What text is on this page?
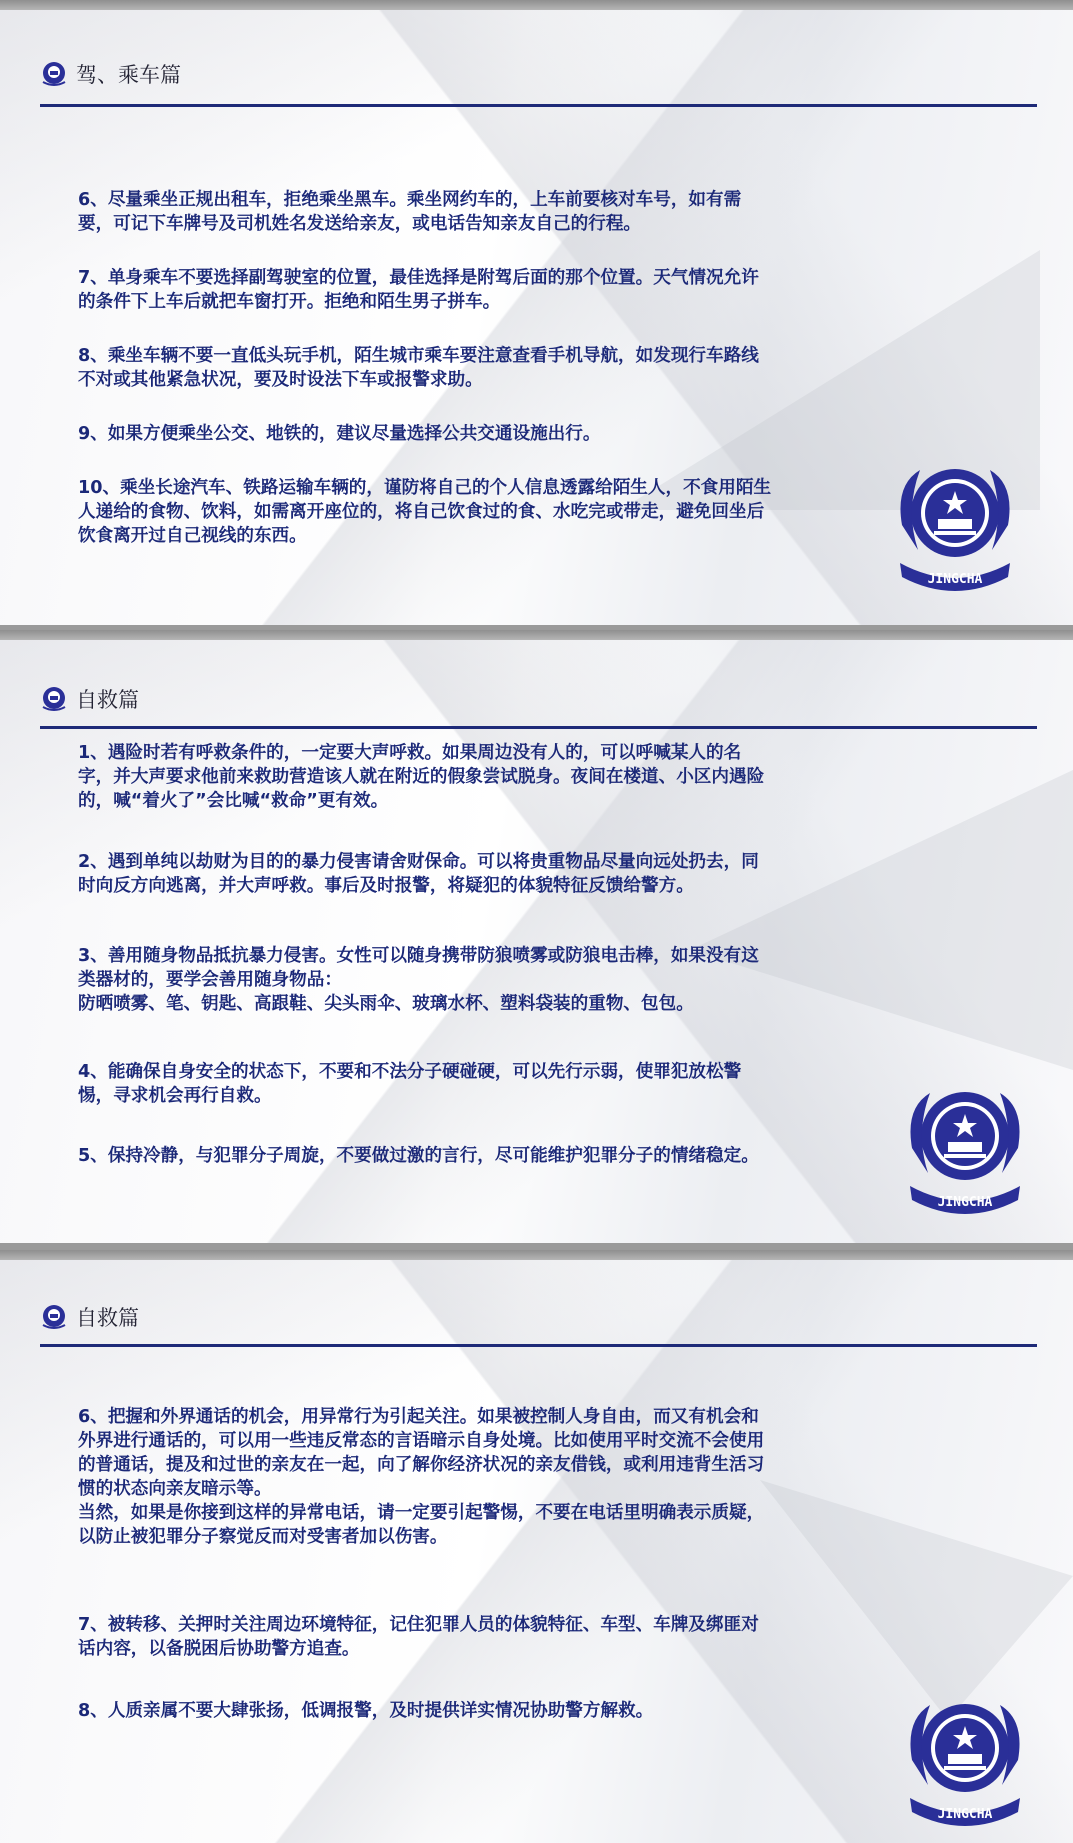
驾、乘车篇

6、尽量乘坐正规出租车，拒绝乘坐黑车。乘坐网约车的，上车前要核对车号，如有需
要，可记下车牌号及司机姓名发送给亲友，或电话告知亲友自己的行程。

7、单身乘车不要选择副驾驶室的位置，最佳选择是附驾后面的那个位置。天气情况允许
的条件下上车后就把车窗打开。拒绝和陌生男子拼车。

8、乘坐车辆不要一直低头玩手机，陌生城市乘车要注意查看手机导航，如发现行车路线
不对或其他紧急状况，要及时设法下车或报警求助。

9、如果方便乘坐公交、地铁的，建议尽量选择公共交通设施出行。

10、乘坐长途汽车、铁路运输车辆的，谨防将自己的个人信息透露给陌生人，不食用陌生
人递给的食物、饮料，如需离开座位的，将自己饮食过的食、水吃完或带走，避免回坐后
饮食离开过自己视线的东西。

JINGCHA
自救篇

1、遇险时若有呼救条件的，一定要大声呼救。如果周边没有人的，可以呼喊某人的名
字，并大声要求他前来救助营造该人就在附近的假象尝试脱身。夜间在楼道、小区内遇险
的，喊“着火了”会比喊“救命”更有效。

2、遇到单纯以劫财为目的的暴力侵害请舍财保命。可以将贵重物品尽量向远处扔去，同
时向反方向逃离，并大声呼救。事后及时报警，将疑犯的体貌特征反馈给警方。

3、善用随身物品抵抗暴力侵害。女性可以随身携带防狼喷雾或防狼电击棒，如果没有这
类器材的，要学会善用随身物品：
防晒喷雾、笔、钥匙、高跟鞋、尖头雨伞、玻璃水杯、塑料袋装的重物、包包。

4、能确保自身安全的状态下，不要和不法分子硬碰硬，可以先行示弱，使罪犯放松警
惕，寻求机会再行自救。

5、保持冷静，与犯罪分子周旋，不要做过激的言行，尽可能维护犯罪分子的情绪稳定。

JINGCHA
自救篇

6、把握和外界通话的机会，用异常行为引起关注。如果被控制人身自由，而又有机会和
外界进行通话的，可以用一些违反常态的言语暗示自身处境。比如使用平时交流不会使用
的普通话，提及和过世的亲友在一起，向了解你经济状况的亲友借钱，或利用违背生活习
惯的状态向亲友暗示等。
当然，如果是你接到这样的异常电话，请一定要引起警惕，不要在电话里明确表示质疑，
以防止被犯罪分子察觉反而对受害者加以伤害。

7、被转移、关押时关注周边环境特征，记住犯罪人员的体貌特征、车型、车牌及绑匪对
话内容，以备脱困后协助警方追查。

8、人质亲属不要大肆张扬，低调报警，及时提供详实情况协助警方解救。

JINGCHA
